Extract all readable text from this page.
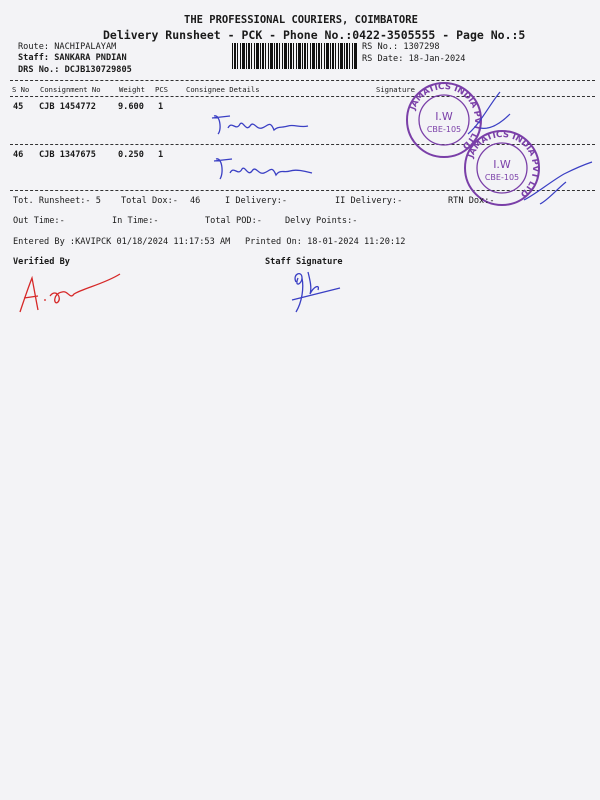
THE PROFESSIONAL COURIERS, COIMBATORE
Delivery Runsheet - PCK - Phone No.:0422-3505555 - Page No.:5
Route: NACHIPALAYAM
Staff: SANKARA PNDIAN
DRS No.: DCJB130729805
RS No.: 1307298
RS Date: 18-Jan-2024
S No Consignment No	Weight PCS	Consignee Details	Signature
45 CJB 1454772	9.600 1
46 CJB 1347675	0.250 1
JAMATICS INDIA PVT LTD
I.W
CBE-105
JAMATICS INDIA PVT LTD
I.W
CBE-105
Tot. Runsheet:- 5 Total Dox:- 46	I Delivery:-	II Delivery:-	RTN Dox:-
Out Time:-	In Time:-	Total POD:-	Delvy Points:-
Entered By :KAVIPCK 01/18/2024 11:17:53 AM Printed On: 18-01-2024 11:20:12
Verified By	Staff Signature
